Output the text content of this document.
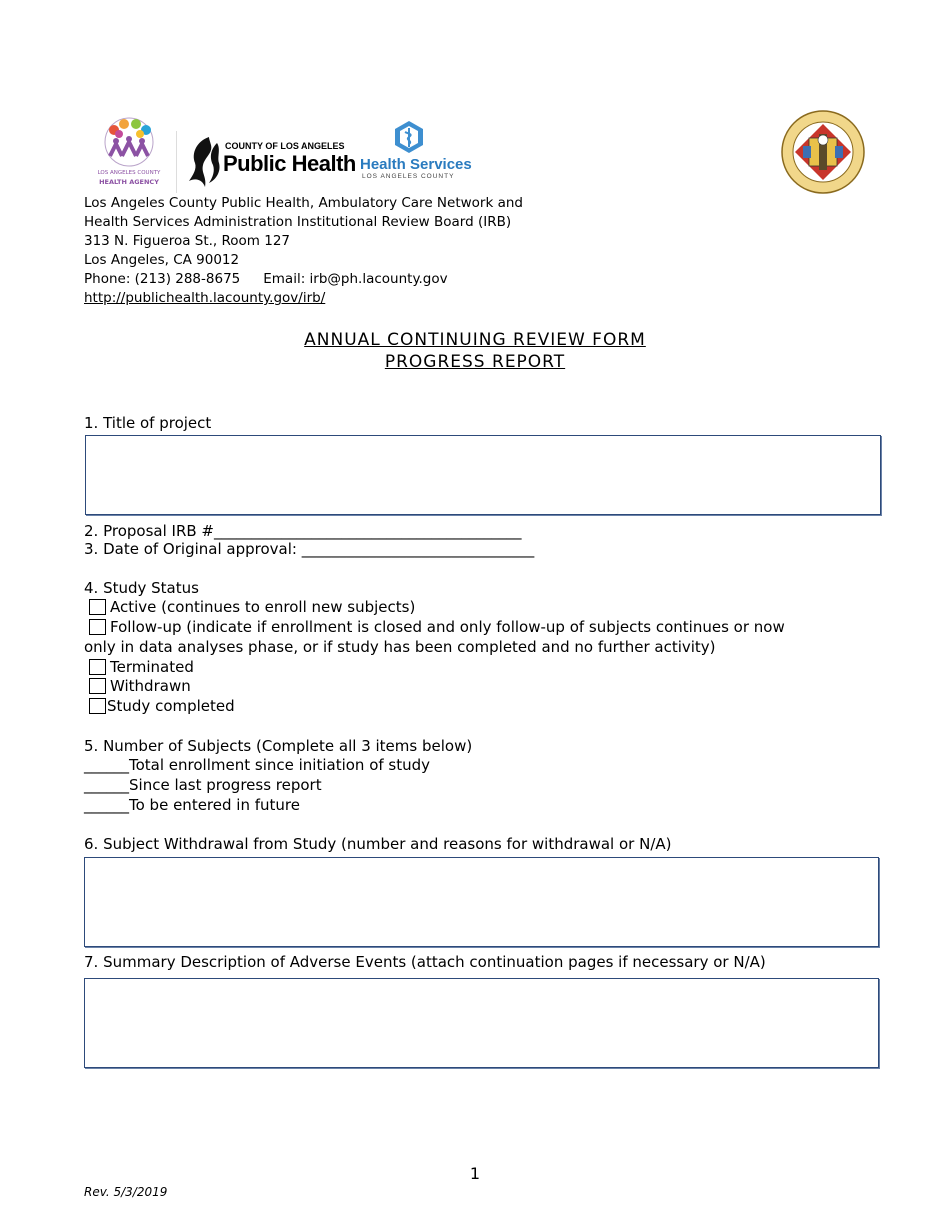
LOS ANGELES COUNTY
HEALTH AGENCY
COUNTY OF LOS ANGELES
Public Health Health Services
LOS ANGELES COUNTY
Los Angeles County Public Health, Ambulatory Care Network and
Health Services Administration Institutional Review Board (IRB)
313 N. Figueroa St., Room 127
Los Angeles, CA 90012
Phone: (213) 288-8675 Email: irb@ph.lacounty.gov
http://publichealth.lacounty.gov/irb/
ANNUAL CONTINUING REVIEW FORM
PROGRESS REPORT
1. Title of project
2. Proposal IRB #_________________________________________
3. Date of Original approval: _______________________________
4. Study Status
Active (continues to enroll new subjects)
Follow-up (indicate if enrollment is closed and only follow-up of subjects continues or now
only in data analyses phase, or if study has been completed and no further activity)
Terminated
Withdrawn
Study completed
5. Number of Subjects (Complete all 3 items below)
______Total enrollment since initiation of study
______Since last progress report
______To be entered in future
6. Subject Withdrawal from Study (number and reasons for withdrawal or N/A)
7. Summary Description of Adverse Events (attach continuation pages if necessary or N/A)
1
Rev. 5/3/2019
